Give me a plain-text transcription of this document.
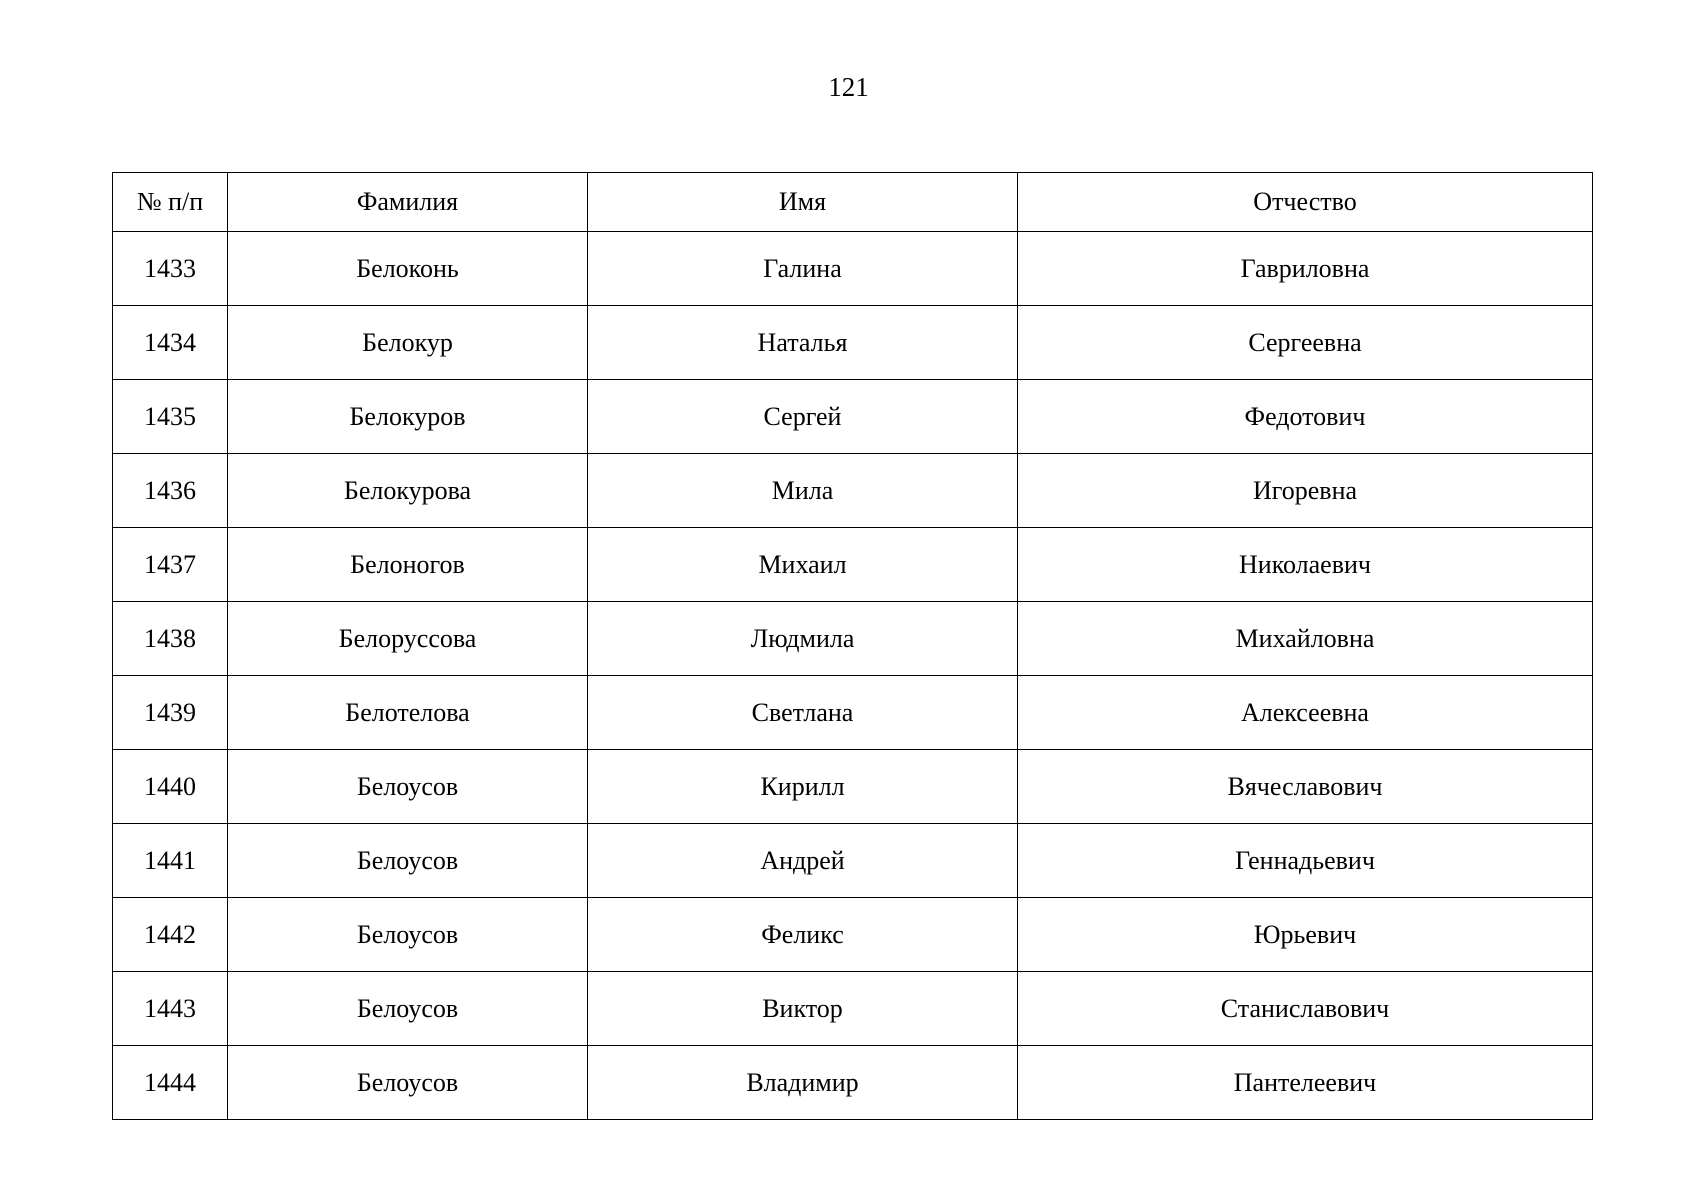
121
№ п/п	Фамилия	Имя	Отчество
1433	Белоконь	Галина	Гавриловна
1434	Белокур	Наталья	Сергеевна
1435	Белокуров	Сергей	Федотович
1436	Белокурова	Мила	Игоревна
1437	Белоногов	Михаил	Николаевич
1438	Белоруссова	Людмила	Михайловна
1439	Белотелова	Светлана	Алексеевна
1440	Белоусов	Кирилл	Вячеславович
1441	Белоусов	Андрей	Геннадьевич
1442	Белоусов	Феликс	Юрьевич
1443	Белоусов	Виктор	Станиславович
1444	Белоусов	Владимир	Пантелеевич
